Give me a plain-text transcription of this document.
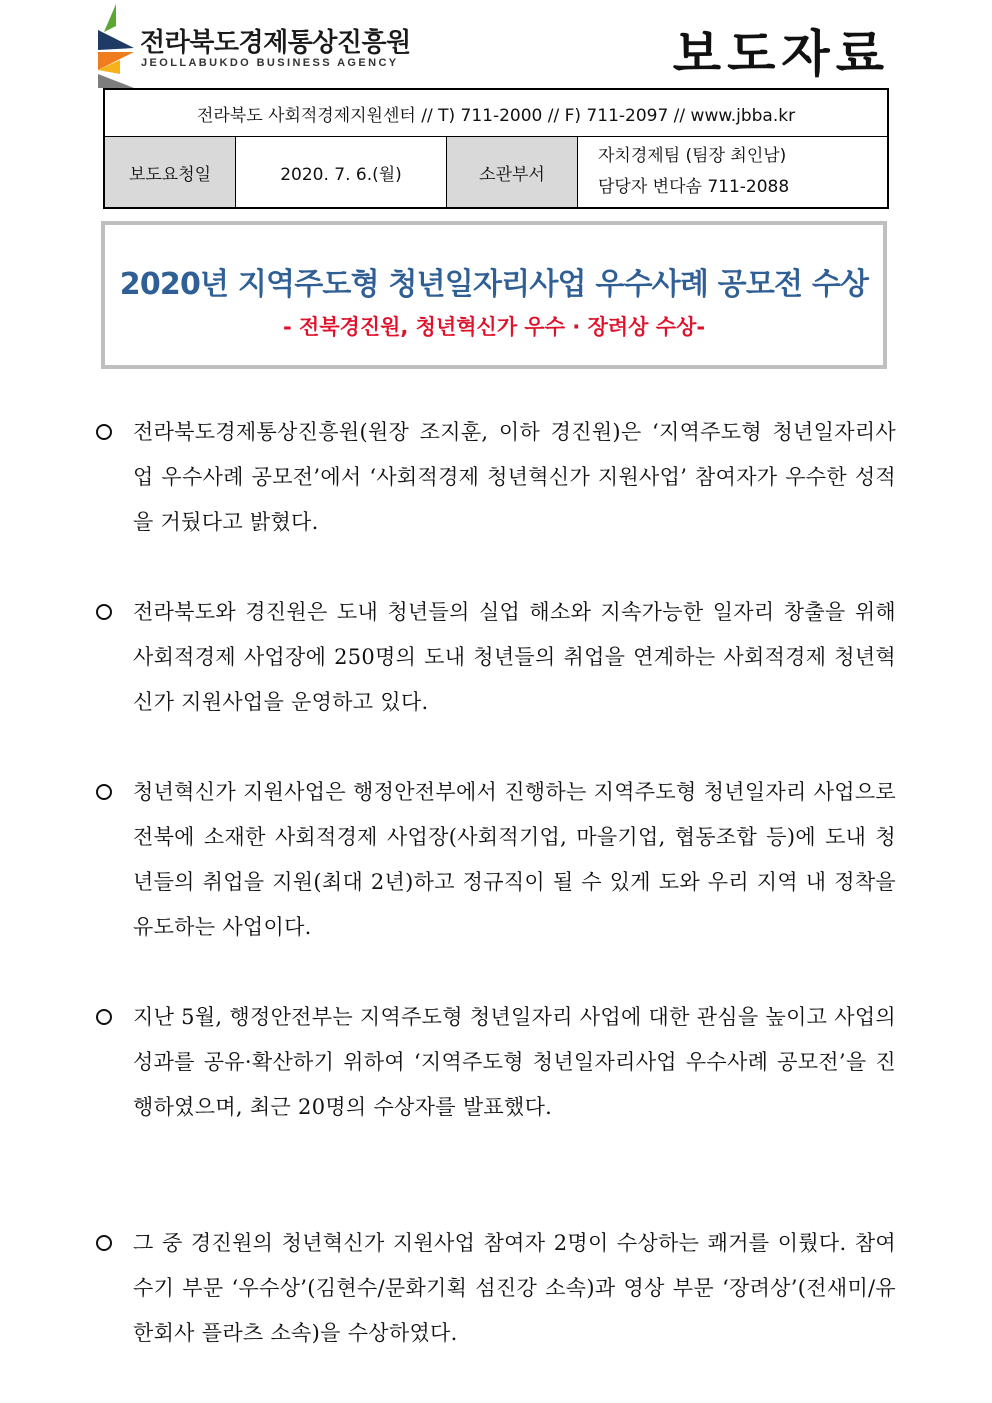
전라북도경제통상진흥원
JEOLLABUKDO BUSINESS AGENCY	보도자료
전라북도 사회적경제지원센터 // T) 711-2000 // F) 711-2097 // www.jbba.kr
보도요청일	2020. 7. 6.(월)	소관부서	
자치경제팀 (팀장 최인남)
담당자 변다솜 711-2088
2020년 지역주도형 청년일자리사업 우수사례 공모전 수상
- 전북경진원, 청년혁신가 우수 · 장려상 수상-
전라북도경제통상진흥원(원장 조지훈, 이하 경진원)은 ‘지역주도형 청년일자리사업 우수사례 공모전’에서 ‘사회적경제 청년혁신가 지원사업’ 참여자가 우수한 성적을 거뒀다고 밝혔다.
전라북도와 경진원은 도내 청년들의 실업 해소와 지속가능한 일자리 창출을 위해 사회적경제 사업장에 250명의 도내 청년들의 취업을 연계하는 사회적경제 청년혁신가 지원사업을 운영하고 있다.
청년혁신가 지원사업은 행정안전부에서 진행하는 지역주도형 청년일자리 사업으로 전북에 소재한 사회적경제 사업장(사회적기업, 마을기업, 협동조합 등)에 도내 청년들의 취업을 지원(최대 2년)하고 정규직이 될 수 있게 도와 우리 지역 내 정착을 유도하는 사업이다.
지난 5월, 행정안전부는 지역주도형 청년일자리 사업에 대한 관심을 높이고 사업의 성과를 공유·확산하기 위하여 ‘지역주도형 청년일자리사업 우수사례 공모전’을 진행하였으며, 최근 20명의 수상자를 발표했다.
그 중 경진원의 청년혁신가 지원사업 참여자 2명이 수상하는 쾌거를 이뤘다. 참여 수기 부문 ‘우수상’(김현수/문화기획 섬진강 소속)과 영상 부문 ‘장려상’(전새미/유한회사 플라츠 소속)을 수상하였다.
